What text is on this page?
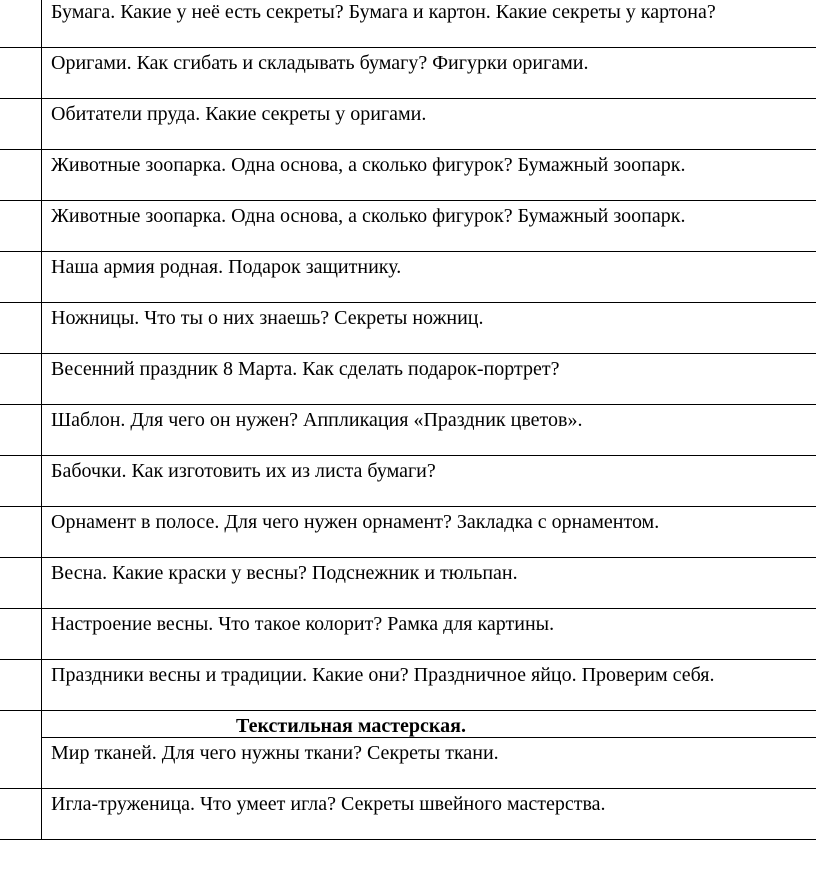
	Бумага. Какие у неё есть секреты? Бумага и картон. Какие секреты у картона?
	Оригами. Как сгибать и складывать бумагу? Фигурки оригами.
	Обитатели пруда. Какие секреты у оригами.
	Животные зоопарка. Одна основа, а сколько фигурок? Бумажный зоопарк.
	Животные зоопарка. Одна основа, а сколько фигурок? Бумажный зоопарк.
	Наша армия родная. Подарок защитнику.
	Ножницы. Что ты о них знаешь? Секреты ножниц.
	Весенний праздник 8 Марта. Как сделать подарок-портрет?
	Шаблон. Для чего он нужен? Аппликация «Праздник цветов».
	Бабочки. Как изготовить их из листа бумаги?
	Орнамент в полосе. Для чего нужен орнамент? Закладка с орнаментом.
	Весна. Какие краски у весны? Подснежник и тюльпан.
	Настроение весны. Что такое колорит? Рамка для картины.
	Праздники весны и традиции. Какие они? Праздничное яйцо. Проверим себя.

Текстильная мастерская.

	Мир тканей. Для чего нужны ткани? Секреты ткани.
	Игла-труженица. Что умеет игла? Секреты швейного мастерства.
